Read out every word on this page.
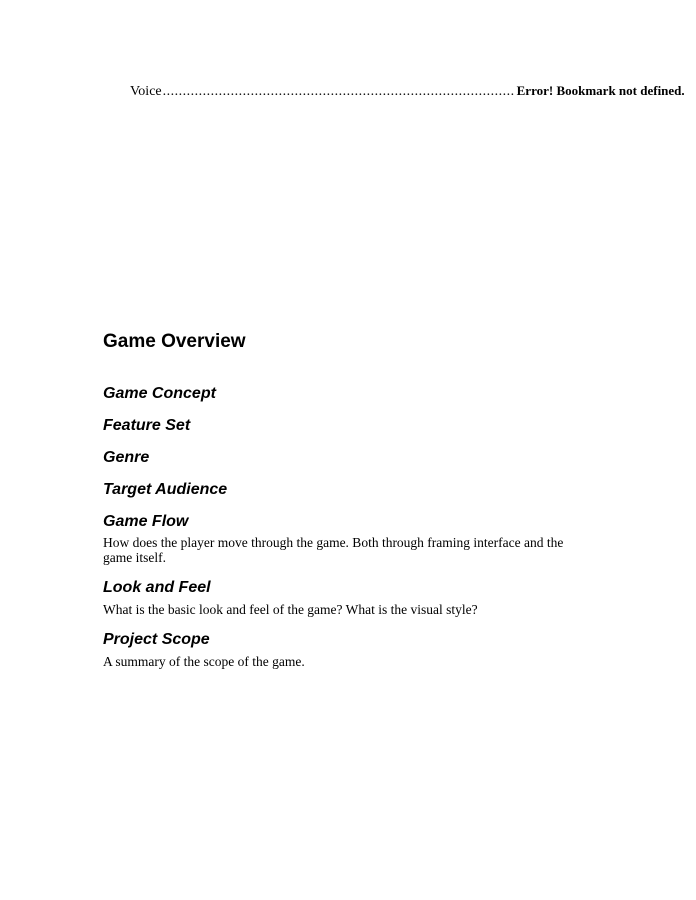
Voice ........................................................................................ Error! Bookmark not defined.
Game Overview
Game Concept
Feature Set
Genre
Target Audience
Game Flow

How does the player move through the game. Both through framing interface and the game itself.

Look and Feel

What is the basic look and feel of the game? What is the visual style?

Project Scope

A summary of the scope of the game.
